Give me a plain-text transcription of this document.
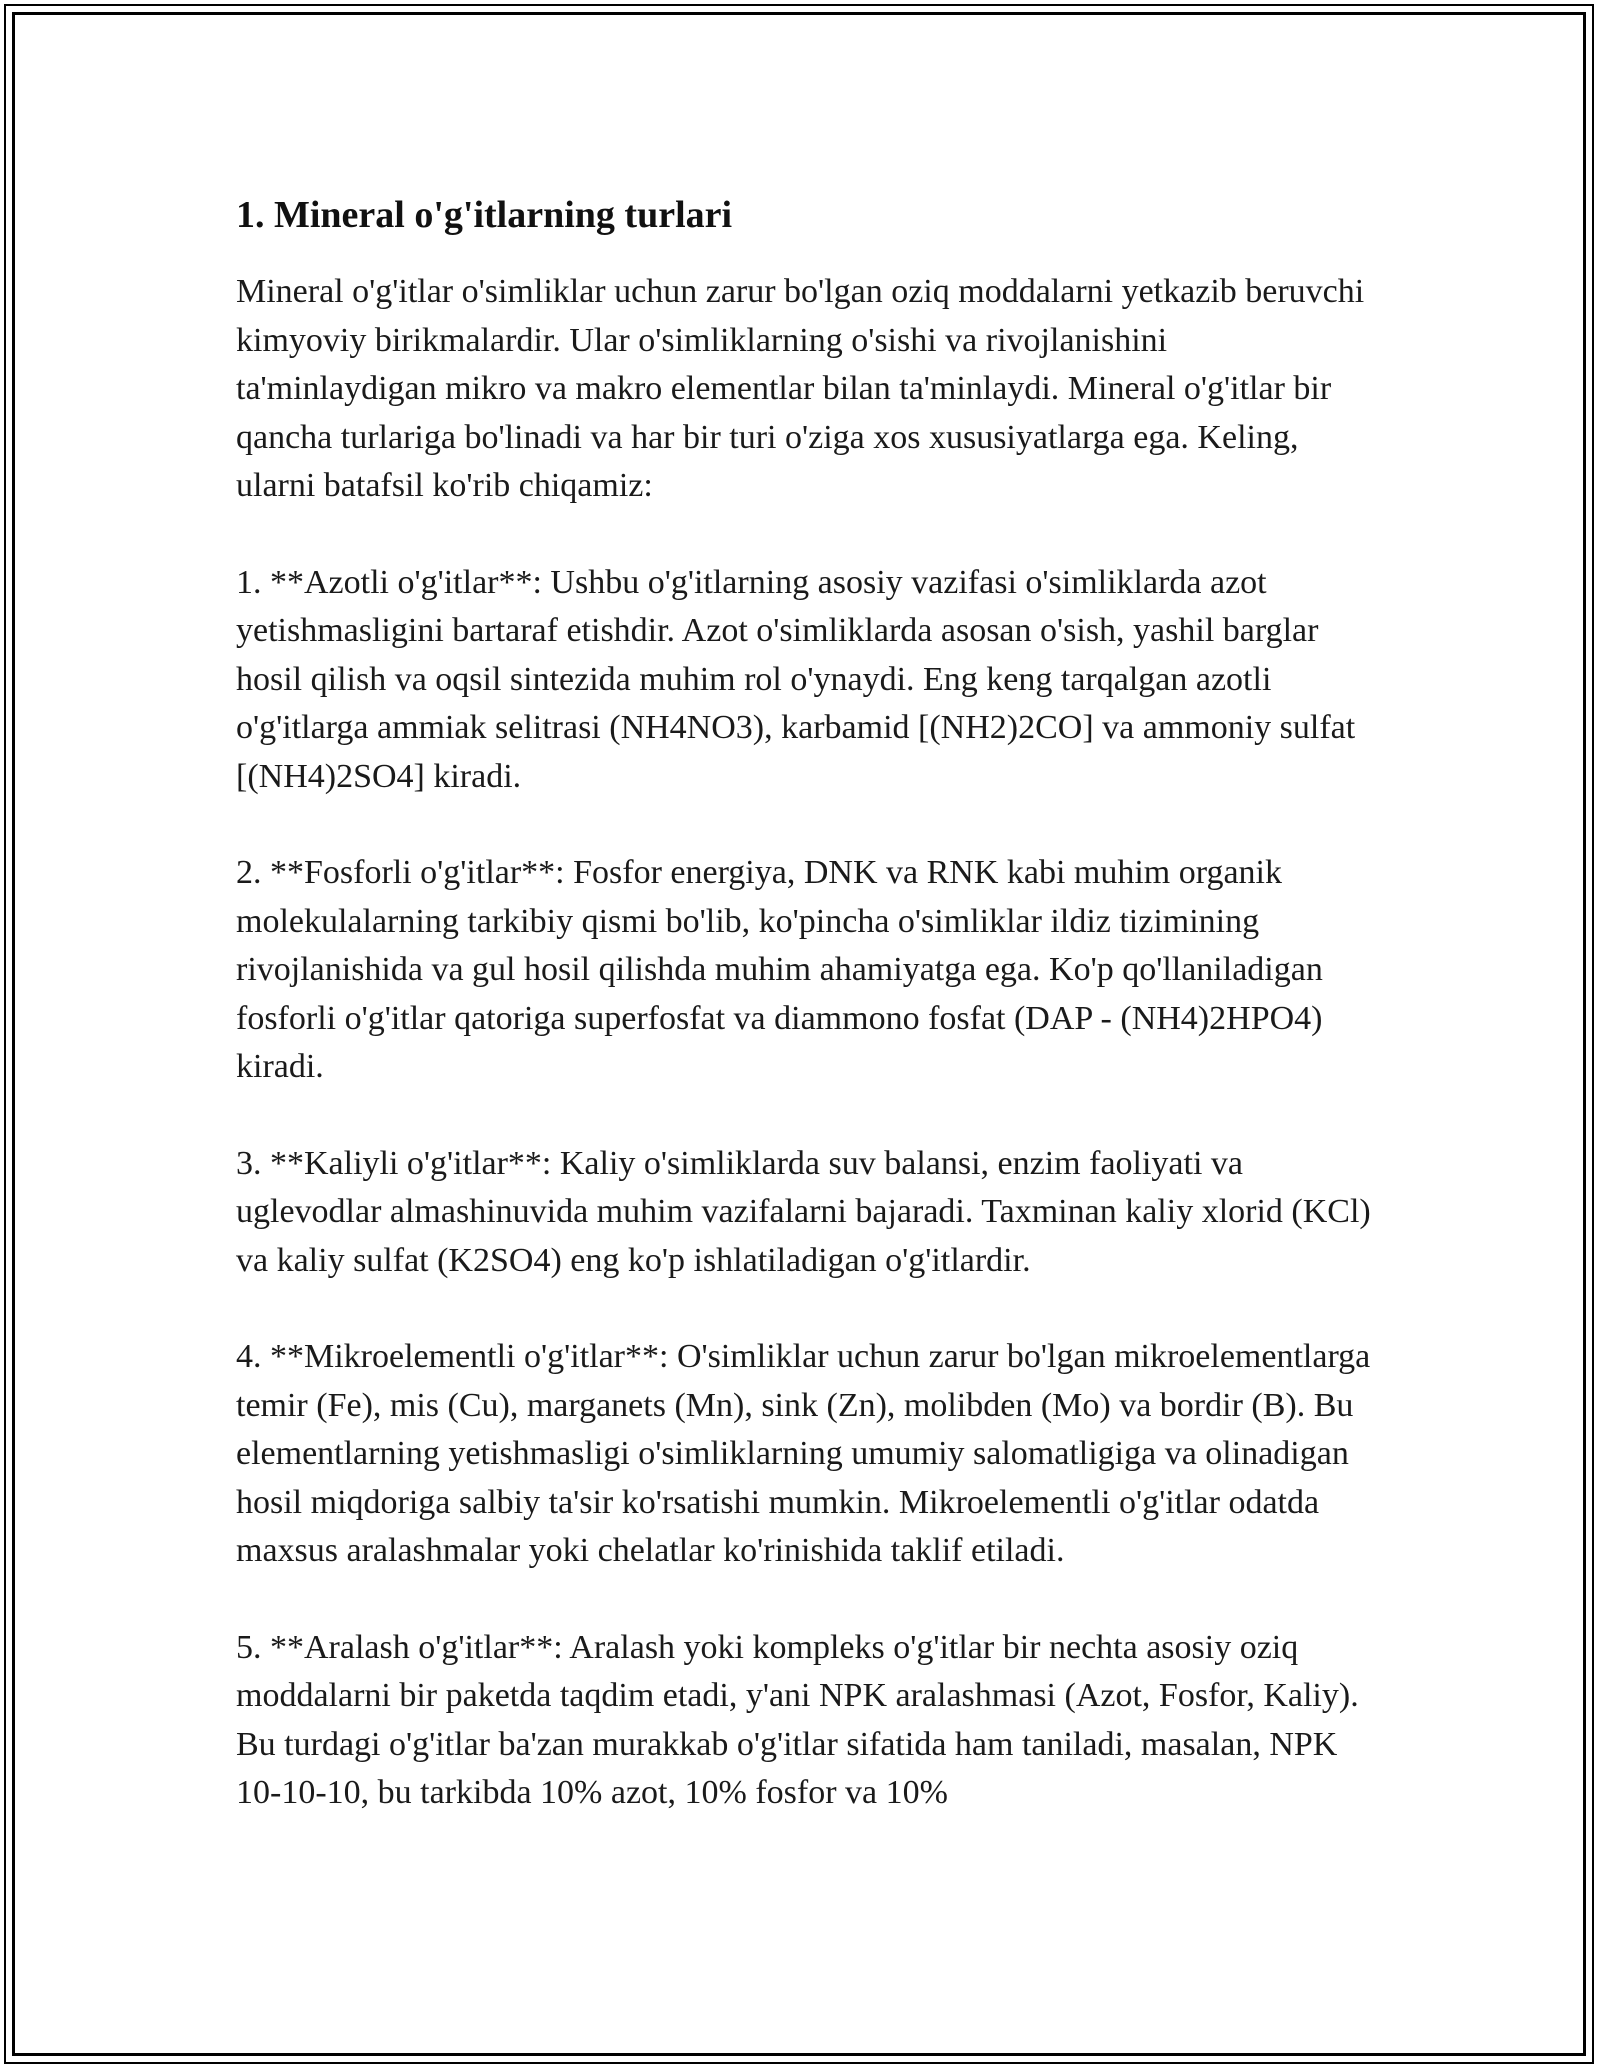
1. Mineral o'g'itlarning turlari

Mineral o'g'itlar o'simliklar uchun zarur bo'lgan oziq moddalarni yetkazib beruvchi kimyoviy birikmalardir. Ular o'simliklarning o'sishi va rivojlanishini ta'minlaydigan mikro va makro elementlar bilan ta'minlaydi. Mineral o'g'itlar bir qancha turlariga bo'linadi va har bir turi o'ziga xos xususiyatlarga ega. Keling, ularni batafsil ko'rib chiqamiz:

1. **Azotli o'g'itlar**: Ushbu o'g'itlarning asosiy vazifasi o'simliklarda azot yetishmasligini bartaraf etishdir. Azot o'simliklarda asosan o'sish, yashil barglar hosil qilish va oqsil sintezida muhim rol o'ynaydi. Eng keng tarqalgan azotli o'g'itlarga ammiak selitrasi (NH4NO3), karbamid [(NH2)2CO] va ammoniy sulfat [(NH4)2SO4] kiradi.

2. **Fosforli o'g'itlar**: Fosfor energiya, DNK va RNK kabi muhim organik molekulalarning tarkibiy qismi bo'lib, ko'pincha o'simliklar ildiz tizimining rivojlanishida va gul hosil qilishda muhim ahamiyatga ega. Ko'p qo'llaniladigan fosforli o'g'itlar qatoriga superfosfat va diammono fosfat (DAP - (NH4)2HPO4) kiradi.

3. **Kaliyli o'g'itlar**: Kaliy o'simliklarda suv balansi, enzim faoliyati va uglevodlar almashinuvida muhim vazifalarni bajaradi. Taxminan kaliy xlorid (KCl) va kaliy sulfat (K2SO4) eng ko'p ishlatiladigan o'g'itlardir.

4. **Mikroelementli o'g'itlar**: O'simliklar uchun zarur bo'lgan mikroelementlarga temir (Fe), mis (Cu), marganets (Mn), sink (Zn), molibden (Mo) va bordir (B). Bu elementlarning yetishmasligi o'simliklarning umumiy salomatligiga va olinadigan hosil miqdoriga salbiy ta'sir ko'rsatishi mumkin. Mikroelementli o'g'itlar odatda maxsus aralashmalar yoki chelatlar ko'rinishida taklif etiladi.

5. **Aralash o'g'itlar**: Aralash yoki kompleks o'g'itlar bir nechta asosiy oziq moddalarni bir paketda taqdim etadi, y'ani NPK aralashmasi (Azot, Fosfor, Kaliy). Bu turdagi o'g'itlar ba'zan murakkab o'g'itlar sifatida ham taniladi, masalan, NPK 10-10-10, bu tarkibda 10% azot, 10% fosfor va 10%
